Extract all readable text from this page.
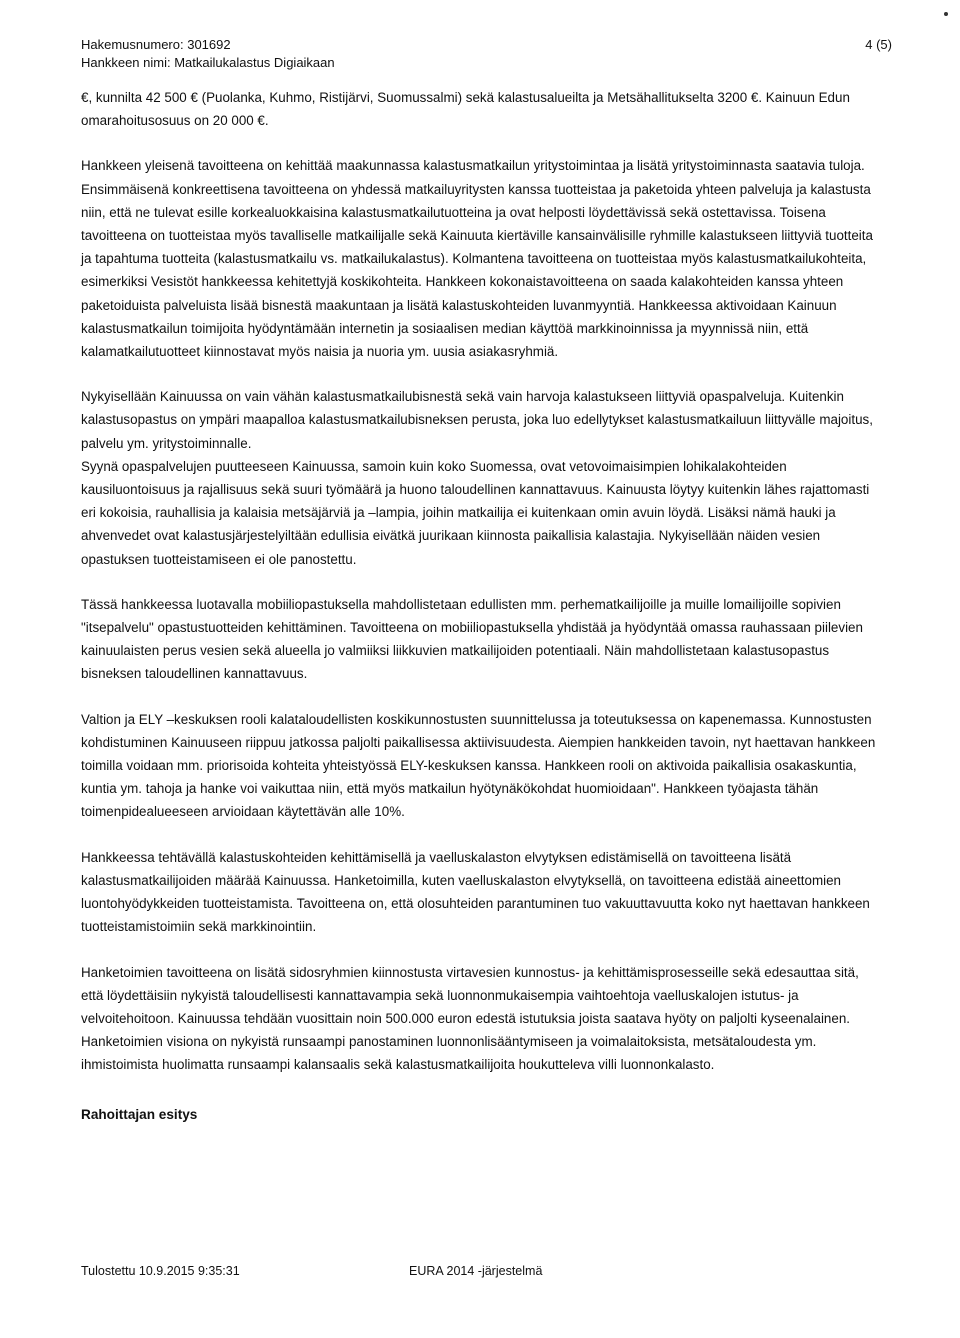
Hakemusnumero: 301692
Hankkeen nimi: Matkailukalastus Digiaikaan
4 (5)

€, kunnilta 42 500 € (Puolanka, Kuhmo, Ristijärvi, Suomussalmi) sekä kalastusalueilta ja Metsähallitukselta 3200 €. Kainuun Edun omarahoitusosuus on 20 000 €.

Hankkeen yleisenä tavoitteena on kehittää maakunnassa kalastusmatkailun yritystoimintaa ja lisätä yritystoiminnasta saatavia tuloja. Ensimmäisenä konkreettisena tavoitteena on yhdessä matkailuyritysten kanssa tuotteistaa ja paketoida yhteen palveluja ja kalastusta niin, että ne tulevat esille korkealuokkaisina kalastusmatkailutuotteina ja ovat helposti löydettävissä sekä ostettavissa. Toisena tavoitteena on tuotteistaa myös tavalliselle matkailijalle sekä Kainuuta kiertäville kansainvälisille ryhmille kalastukseen liittyviä tuotteita ja tapahtuma tuotteita (kalastusmatkailu vs. matkailukalastus). Kolmantena tavoitteena on tuotteistaa myös kalastusmatkailukohteita, esimerkiksi Vesistöt hankkeessa kehitettyjä koskikohteita. Hankkeen kokonaistavoitteena on saada kalakohteiden kanssa yhteen paketoiduista palveluista lisää bisnestä maakuntaan ja lisätä kalastuskohteiden luvanmyyntiä. Hankkeessa aktivoidaan Kainuun kalastusmatkailun toimijoita hyödyntämään internetin ja sosiaalisen median käyttöä markkinoinnissa ja myynnissä niin, että kalamatkailutuotteet kiinnostavat myös naisia ja nuoria ym. uusia asiakasryhmiä.

Nykyisellään Kainuussa on vain vähän kalastusmatkailubisnestä sekä vain harvoja kalastukseen liittyviä opaspalveluja. Kuitenkin kalastusopastus on ympäri maapalloa kalastusmatkailubisneksen perusta, joka luo edellytykset kalastusmatkailuun liittyvälle majoitus, palvelu ym. yritystoiminnalle.

Syynä opaspalvelujen puutteeseen Kainuussa, samoin kuin koko Suomessa, ovat vetovoimaisimpien lohikalakohteiden kausiluontoisuus ja rajallisuus sekä suuri työmäärä ja huono taloudellinen kannattavuus. Kainuusta löytyy kuitenkin lähes rajattomasti eri kokoisia, rauhallisia ja kalaisia metsäjärviä ja –lampia, joihin matkailija ei kuitenkaan omin avuin löydä. Lisäksi nämä hauki ja ahvenvedet ovat kalastusjärjestelyiltään edullisia eivätkä juurikaan kiinnosta paikallisia kalastajia. Nykyisellään näiden vesien opastuksen tuotteistamiseen ei ole panostettu.

Tässä hankkeessa luotavalla mobiiliopastuksella mahdollistetaan edullisten mm. perhematkailijoille ja muille lomailijoille sopivien "itsepalvelu" opastustuotteiden kehittäminen. Tavoitteena on mobiiliopastuksella yhdistää ja hyödyntää omassa rauhassaan piilevien kainuulaisten perus vesien sekä alueella jo valmiiksi liikkuvien matkailijoiden potentiaali. Näin mahdollistetaan kalastusopastus bisneksen taloudellinen kannattavuus.

Valtion ja ELY –keskuksen rooli kalataloudellisten koskikunnostusten suunnittelussa ja toteutuksessa on kapenemassa. Kunnostusten kohdistuminen Kainuuseen riippuu jatkossa paljolti paikallisessa aktiivisuudesta. Aiempien hankkeiden tavoin, nyt haettavan hankkeen toimilla voidaan mm. priorisoida kohteita yhteistyössä ELY-keskuksen kanssa. Hankkeen rooli on aktivoida paikallisia osakaskuntia, kuntia ym. tahoja ja hanke voi vaikuttaa niin, että myös matkailun hyötynäkökohdat huomioidaan". Hankkeen työajasta tähän toimenpidealueeseen arvioidaan käytettävän alle 10%.

Hankkeessa tehtävällä kalastuskohteiden kehittämisellä ja vaelluskalaston elvytyksen edistämisellä on tavoitteena lisätä kalastusmatkailijoiden määrää Kainuussa. Hanketoimilla, kuten vaelluskalaston elvytyksellä, on tavoitteena edistää aineettomien luontohyödykkeiden tuotteistamista. Tavoitteena on, että olosuhteiden parantuminen tuo vakuuttavuutta koko nyt haettavan hankkeen tuotteistamistoimiin sekä markkinointiin.

Hanketoimien tavoitteena on lisätä sidosryhmien kiinnostusta virtavesien kunnostus- ja kehittämisprosesseille sekä edesauttaa sitä, että löydettäisiin nykyistä taloudellisesti kannattavampia sekä luonnonmukaisempia vaihtoehtoja vaelluskalojen istutus- ja velvoitehoitoon. Kainuussa tehdään vuosittain noin 500.000 euron edestä istutuksia joista saatava hyöty on paljolti kyseenalainen. Hanketoimien visiona on nykyistä runsaampi panostaminen luonnonlisääntymiseen ja voimalaitoksista, metsätaloudesta ym. ihmistoimista huolimatta runsaampi kalansaalis sekä kalastusmatkailijoita houkutteleva villi luonnonkalasto.

Rahoittajan esitys
Tulostettu 10.9.2015 9:35:31	EURA 2014 -järjestelmä
